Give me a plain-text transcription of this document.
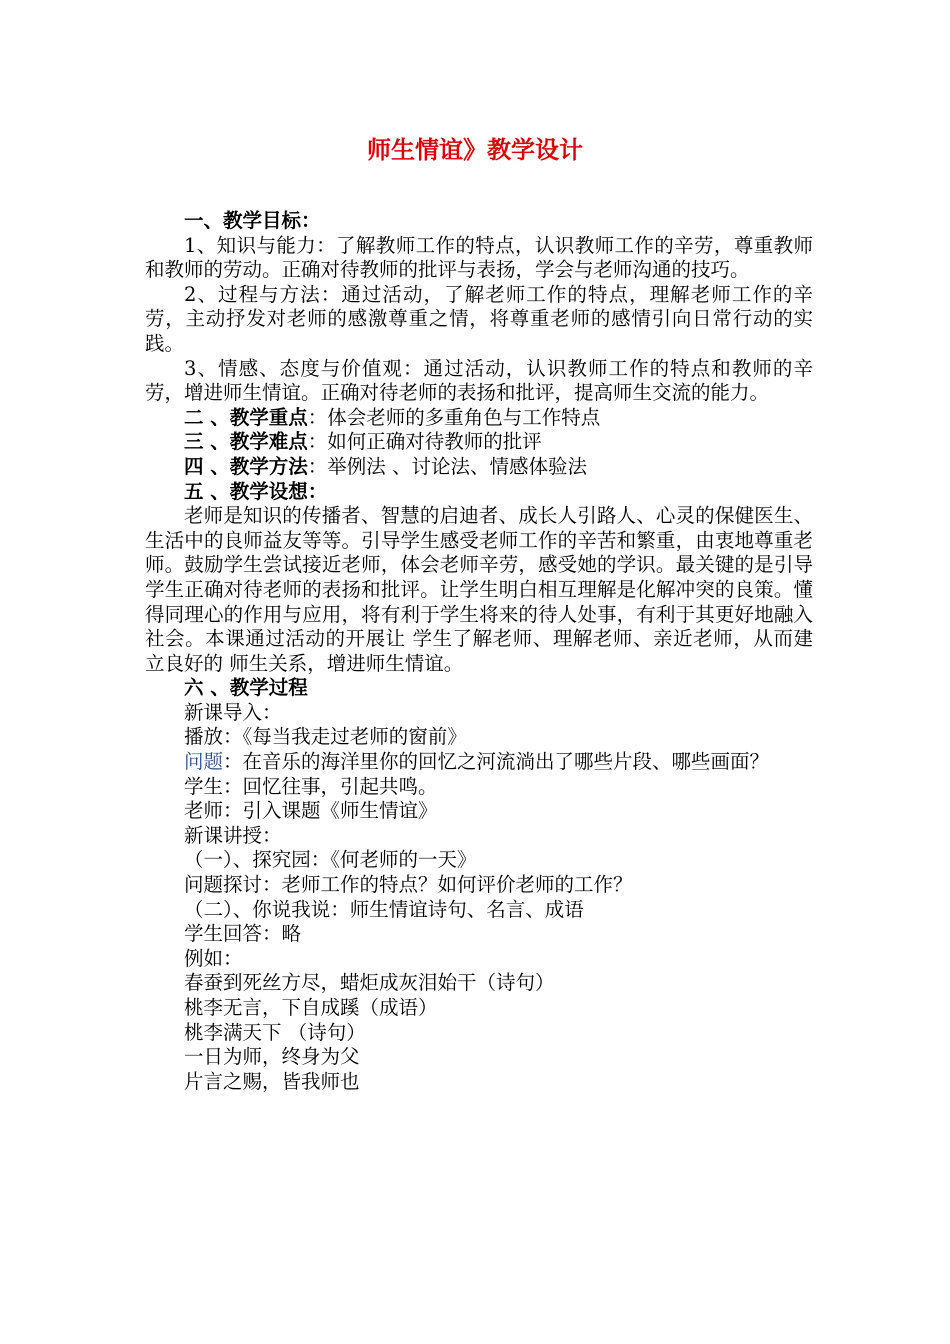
师生情谊》教学设计

一、教学目标：

1、知识与能力：了解教师工作的特点，认识教师工作的辛劳，尊重教师和教师的劳动。正确对待教师的批评与表扬，学会与老师沟通的技巧。

2、过程与方法：通过活动，了解老师工作的特点，理解老师工作的辛劳，主动抒发对老师的感激尊重之情，将尊重老师的感情引向日常行动的实践。

3、情感、态度与价值观：通过活动，认识教师工作的特点和教师的辛劳，增进师生情谊。正确对待老师的表扬和批评，提高师生交流的能力。

二 、教学重点：体会老师的多重角色与工作特点

三 、教学难点：如何正确对待教师的批评

四 、教学方法：举例法 、讨论法、情感体验法

五 、教学设想：

老师是知识的传播者、智慧的启迪者、成长人引路人、心灵的保健医生、生活中的良师益友等等。引导学生感受老师工作的辛苦和繁重，由衷地尊重老师。鼓励学生尝试接近老师，体会老师辛劳，感受她的学识。最关键的是引导学生正确对待老师的表扬和批评。让学生明白相互理解是化解冲突的良策。懂得同理心的作用与应用，将有利于学生将来的待人处事，有利于其更好地融入社会。本课通过活动的开展让 学生了解老师、理解老师、亲近老师，从而建立良好的 师生关系，增进师生情谊。

六 、教学过程

新课导入：

播放：《每当我走过老师的窗前》

问题：在音乐的海洋里你的回忆之河流淌出了哪些片段、哪些画面？

学生：回忆往事，引起共鸣。

老师：引入课题《师生情谊》

新课讲授：

（一）、探究园：《何老师的一天》

问题探讨：老师工作的特点？如何评价老师的工作？

（二）、你说我说：师生情谊诗句、名言、成语

学生回答：略

例如：

春蚕到死丝方尽，蜡炬成灰泪始干（诗句）

桃李无言，下自成蹊（成语）

桃李满天下 （诗句）

一日为师，终身为父

片言之赐，皆我师也
